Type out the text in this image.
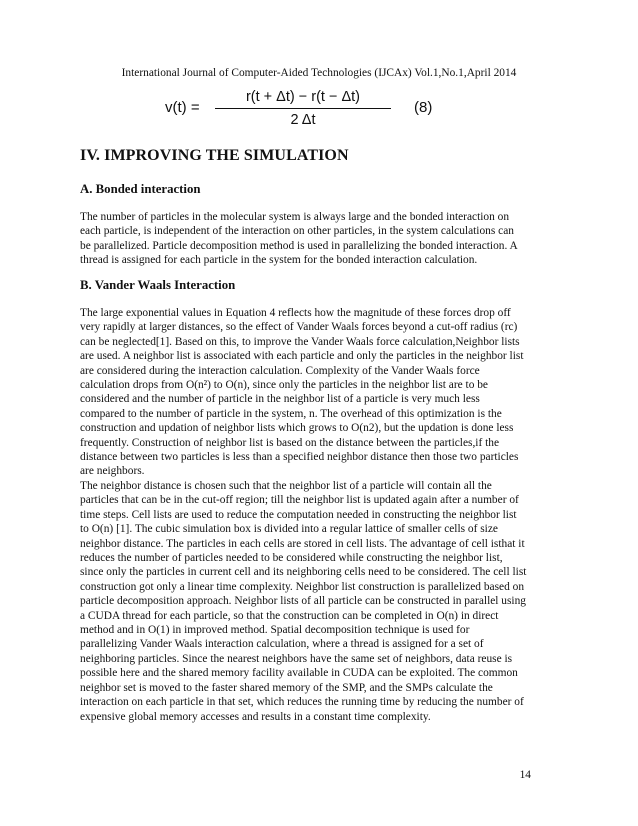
International Journal of Computer-Aided Technologies (IJCAx) Vol.1,No.1,April 2014
v(t) =
r(t + Δt) − r(t − Δt)
2 Δt
(8)
IV. IMPROVING THE SIMULATION
A. Bonded interaction

The number of particles in the molecular system is always large and the bonded interaction on
each particle, is independent of the interaction on other particles, in the system calculations can
be parallelized. Particle decomposition method is used in parallelizing the bonded interaction. A
thread is assigned for each particle in the system for the bonded interaction calculation.

B. Vander Waals Interaction

The large exponential values in Equation 4 reflects how the magnitude of these forces drop off
very rapidly at larger distances, so the effect of Vander Waals forces beyond a cut-off radius (rc)
can be neglected[1]. Based on this, to improve the Vander Waals force calculation,Neighbor lists
are used. A neighbor list is associated with each particle and only the particles in the neighbor list
are considered during the interaction calculation. Complexity of the Vander Waals force
calculation drops from O(n²) to O(n), since only the particles in the neighbor list are to be
considered and the number of particle in the neighbor list of a particle is very much less
compared to the number of particle in the system, n. The overhead of this optimization is the
construction and updation of neighbor lists which grows to O(n2), but the updation is done less
frequently. Construction of neighbor list is based on the distance between the particles,if the
distance between two particles is less than a specified neighbor distance then those two particles
are neighbors.

The neighbor distance is chosen such that the neighbor list of a particle will contain all the
particles that can be in the cut-off region; till the neighbor list is updated again after a number of
time steps. Cell lists are used to reduce the computation needed in constructing the neighbor list
to O(n) [1]. The cubic simulation box is divided into a regular lattice of smaller cells of size
neighbor distance. The particles in each cells are stored in cell lists. The advantage of cell isthat it
reduces the number of particles needed to be considered while constructing the neighbor list,
since only the particles in current cell and its neighboring cells need to be considered. The cell list
construction got only a linear time complexity. Neighbor list construction is parallelized based on
particle decomposition approach. Neighbor lists of all particle can be constructed in parallel using
a CUDA thread for each particle, so that the construction can be completed in O(n) in direct
method and in O(1) in improved method. Spatial decomposition technique is used for
parallelizing Vander Waals interaction calculation, where a thread is assigned for a set of
neighboring particles. Since the nearest neighbors have the same set of neighbors, data reuse is
possible here and the shared memory facility available in CUDA can be exploited. The common
neighbor set is moved to the faster shared memory of the SMP, and the SMPs calculate the
interaction on each particle in that set, which reduces the running time by reducing the number of
expensive global memory accesses and results in a constant time complexity.

14
